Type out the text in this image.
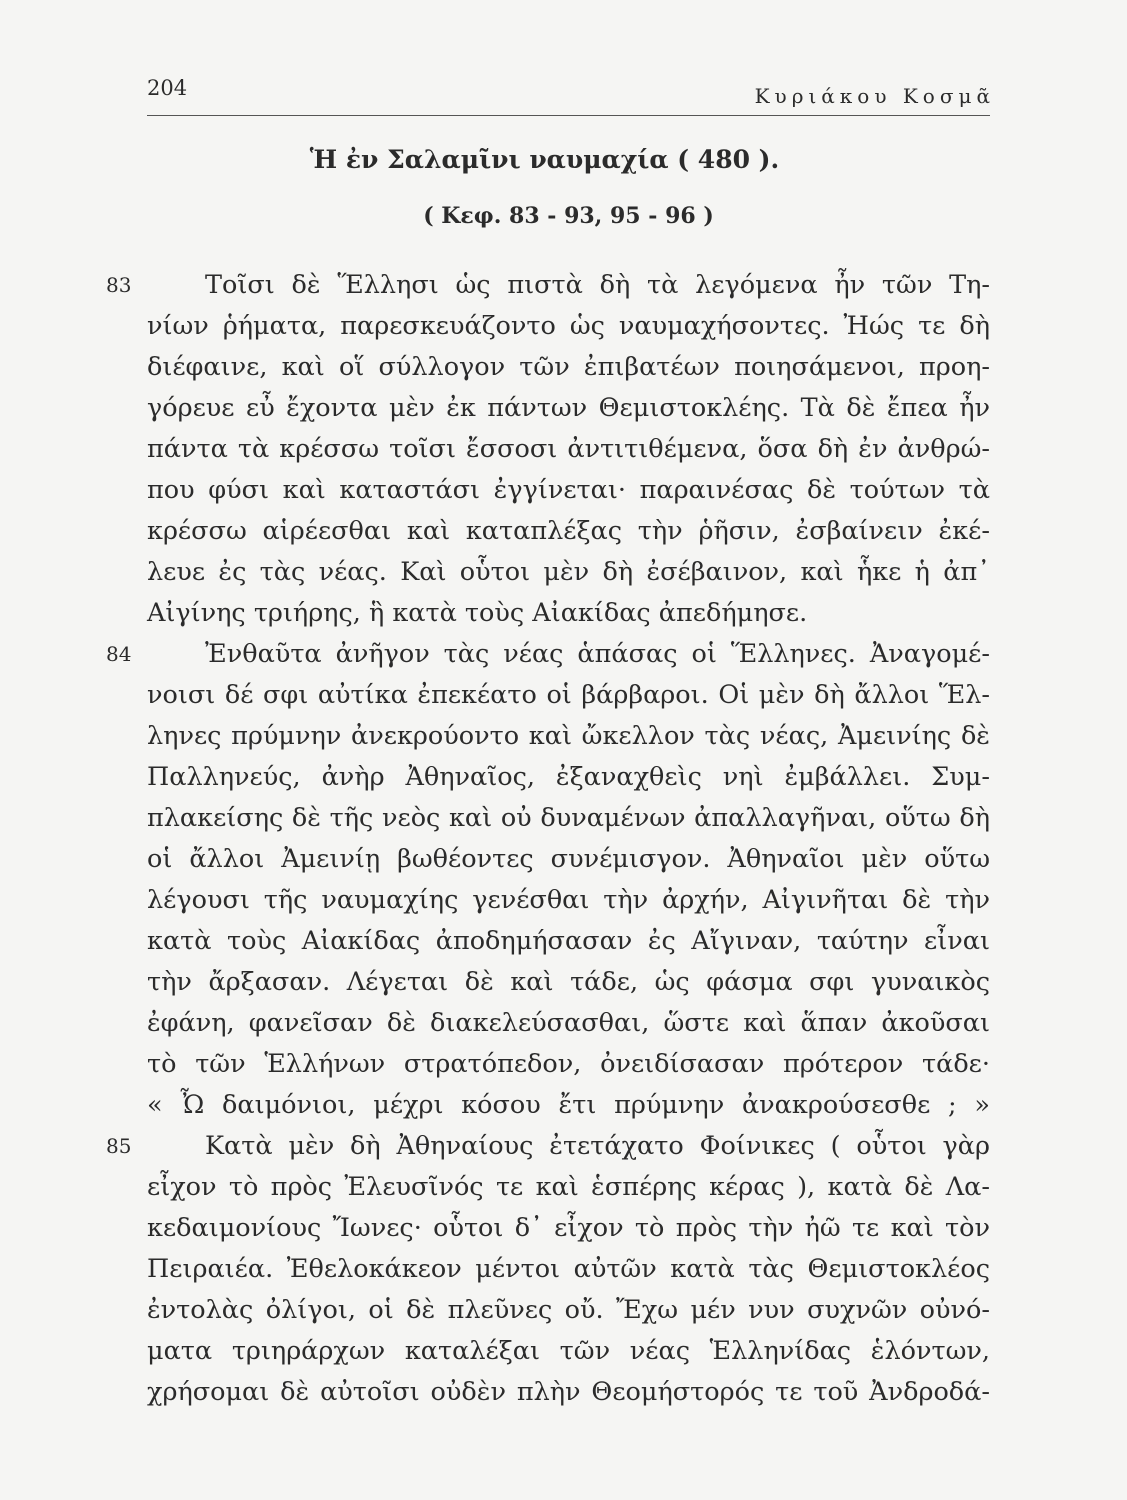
204	Κυριάκου Κοσμᾶ
Ἡ ἐν Σαλαμῖνι ναυμαχία ( 480 ).
( Κεφ. 83 - 93, 95 - 96 )
83	Τοῖσι δὲ Ἕλλησι ὡς πιστὰ δὴ τὰ λεγόμενα ἦν τῶν Τη-
νίων ῥήματα, παρεσκευάζοντο ὡς ναυμαχήσοντες. Ἠώς τε δὴ
διέφαινε, καὶ οἵ σύλλογον τῶν ἐπιβατέων ποιησάμενοι, προη-
γόρευε εὖ ἔχοντα μὲν ἐκ πάντων Θεμιστοκλέης. Τὰ δὲ ἔπεα ἦν
πάντα τὰ κρέσσω τοῖσι ἔσσοσι ἀντιτιθέμενα, ὅσα δὴ ἐν ἀνθρώ-
που φύσι καὶ καταστάσι ἐγγίνεται· παραινέσας δὲ τούτων τὰ
κρέσσω αἱρέεσθαι καὶ καταπλέξας τὴν ῥῆσιν, ἐσβαίνειν ἐκέ-
λευε ἐς τὰς νέας. Καὶ οὗτοι μὲν δὴ ἐσέβαινον, καὶ ἧκε ἡ ἀπ᾽
Αἰγίνης τριήρης, ἣ κατὰ τοὺς Αἰακίδας ἀπεδήμησε.
84	Ἐνθαῦτα ἀνῆγον τὰς νέας ἁπάσας οἱ Ἕλληνες. Ἀναγομέ-
νοισι δέ σφι αὐτίκα ἐπεκέατο οἱ βάρβαροι. Οἱ μὲν δὴ ἄλλοι Ἕλ-
ληνες πρύμνην ἀνεκρούοντο καὶ ὤκελλον τὰς νέας, Ἀμεινίης δὲ
Παλληνεύς, ἀνὴρ Ἀθηναῖος, ἐξαναχθεὶς νηὶ ἐμβάλλει. Συμ-
πλακείσης δὲ τῆς νεὸς καὶ οὐ δυναμένων ἀπαλλαγῆναι, οὕτω δὴ
οἱ ἄλλοι Ἀμεινίῃ βωθέοντες συνέμισγον. Ἀθηναῖοι μὲν οὕτω
λέγουσι τῆς ναυμαχίης γενέσθαι τὴν ἀρχήν, Αἰγινῆται δὲ τὴν
κατὰ τοὺς Αἰακίδας ἀποδημήσασαν ἐς Αἴγιναν, ταύτην εἶναι
τὴν ἄρξασαν. Λέγεται δὲ καὶ τάδε, ὡς φάσμα σφι γυναικὸς
ἐφάνη, φανεῖσαν δὲ διακελεύσασθαι, ὥστε καὶ ἅπαν ἀκοῦσαι
τὸ τῶν Ἑλλήνων στρατόπεδον, ὀνειδίσασαν πρότερον τάδε·
« Ὦ δαιμόνιοι, μέχρι κόσου ἔτι πρύμνην ἀνακρούσεσθε ; »
85	Κατὰ μὲν δὴ Ἀθηναίους ἐτετάχατο Φοίνικες ( οὗτοι γὰρ
εἶχον τὸ πρὸς Ἐλευσῖνός τε καὶ ἑσπέρης κέρας ), κατὰ δὲ Λα-
κεδαιμονίους Ἴωνες· οὗτοι δ᾽ εἶχον τὸ πρὸς τὴν ἠῶ τε καὶ τὸν
Πειραιέα. Ἐθελοκάκεον μέντοι αὐτῶν κατὰ τὰς Θεμιστοκλέος
ἐντολὰς ὀλίγοι, οἱ δὲ πλεῦνες οὔ. Ἔχω μέν νυν συχνῶν οὐνό-
ματα τριηράρχων καταλέξαι τῶν νέας Ἑλληνίδας ἑλόντων,
χρήσομαι δὲ αὐτοῖσι οὐδὲν πλὴν Θεομήστορός τε τοῦ Ἀνδροδά-
